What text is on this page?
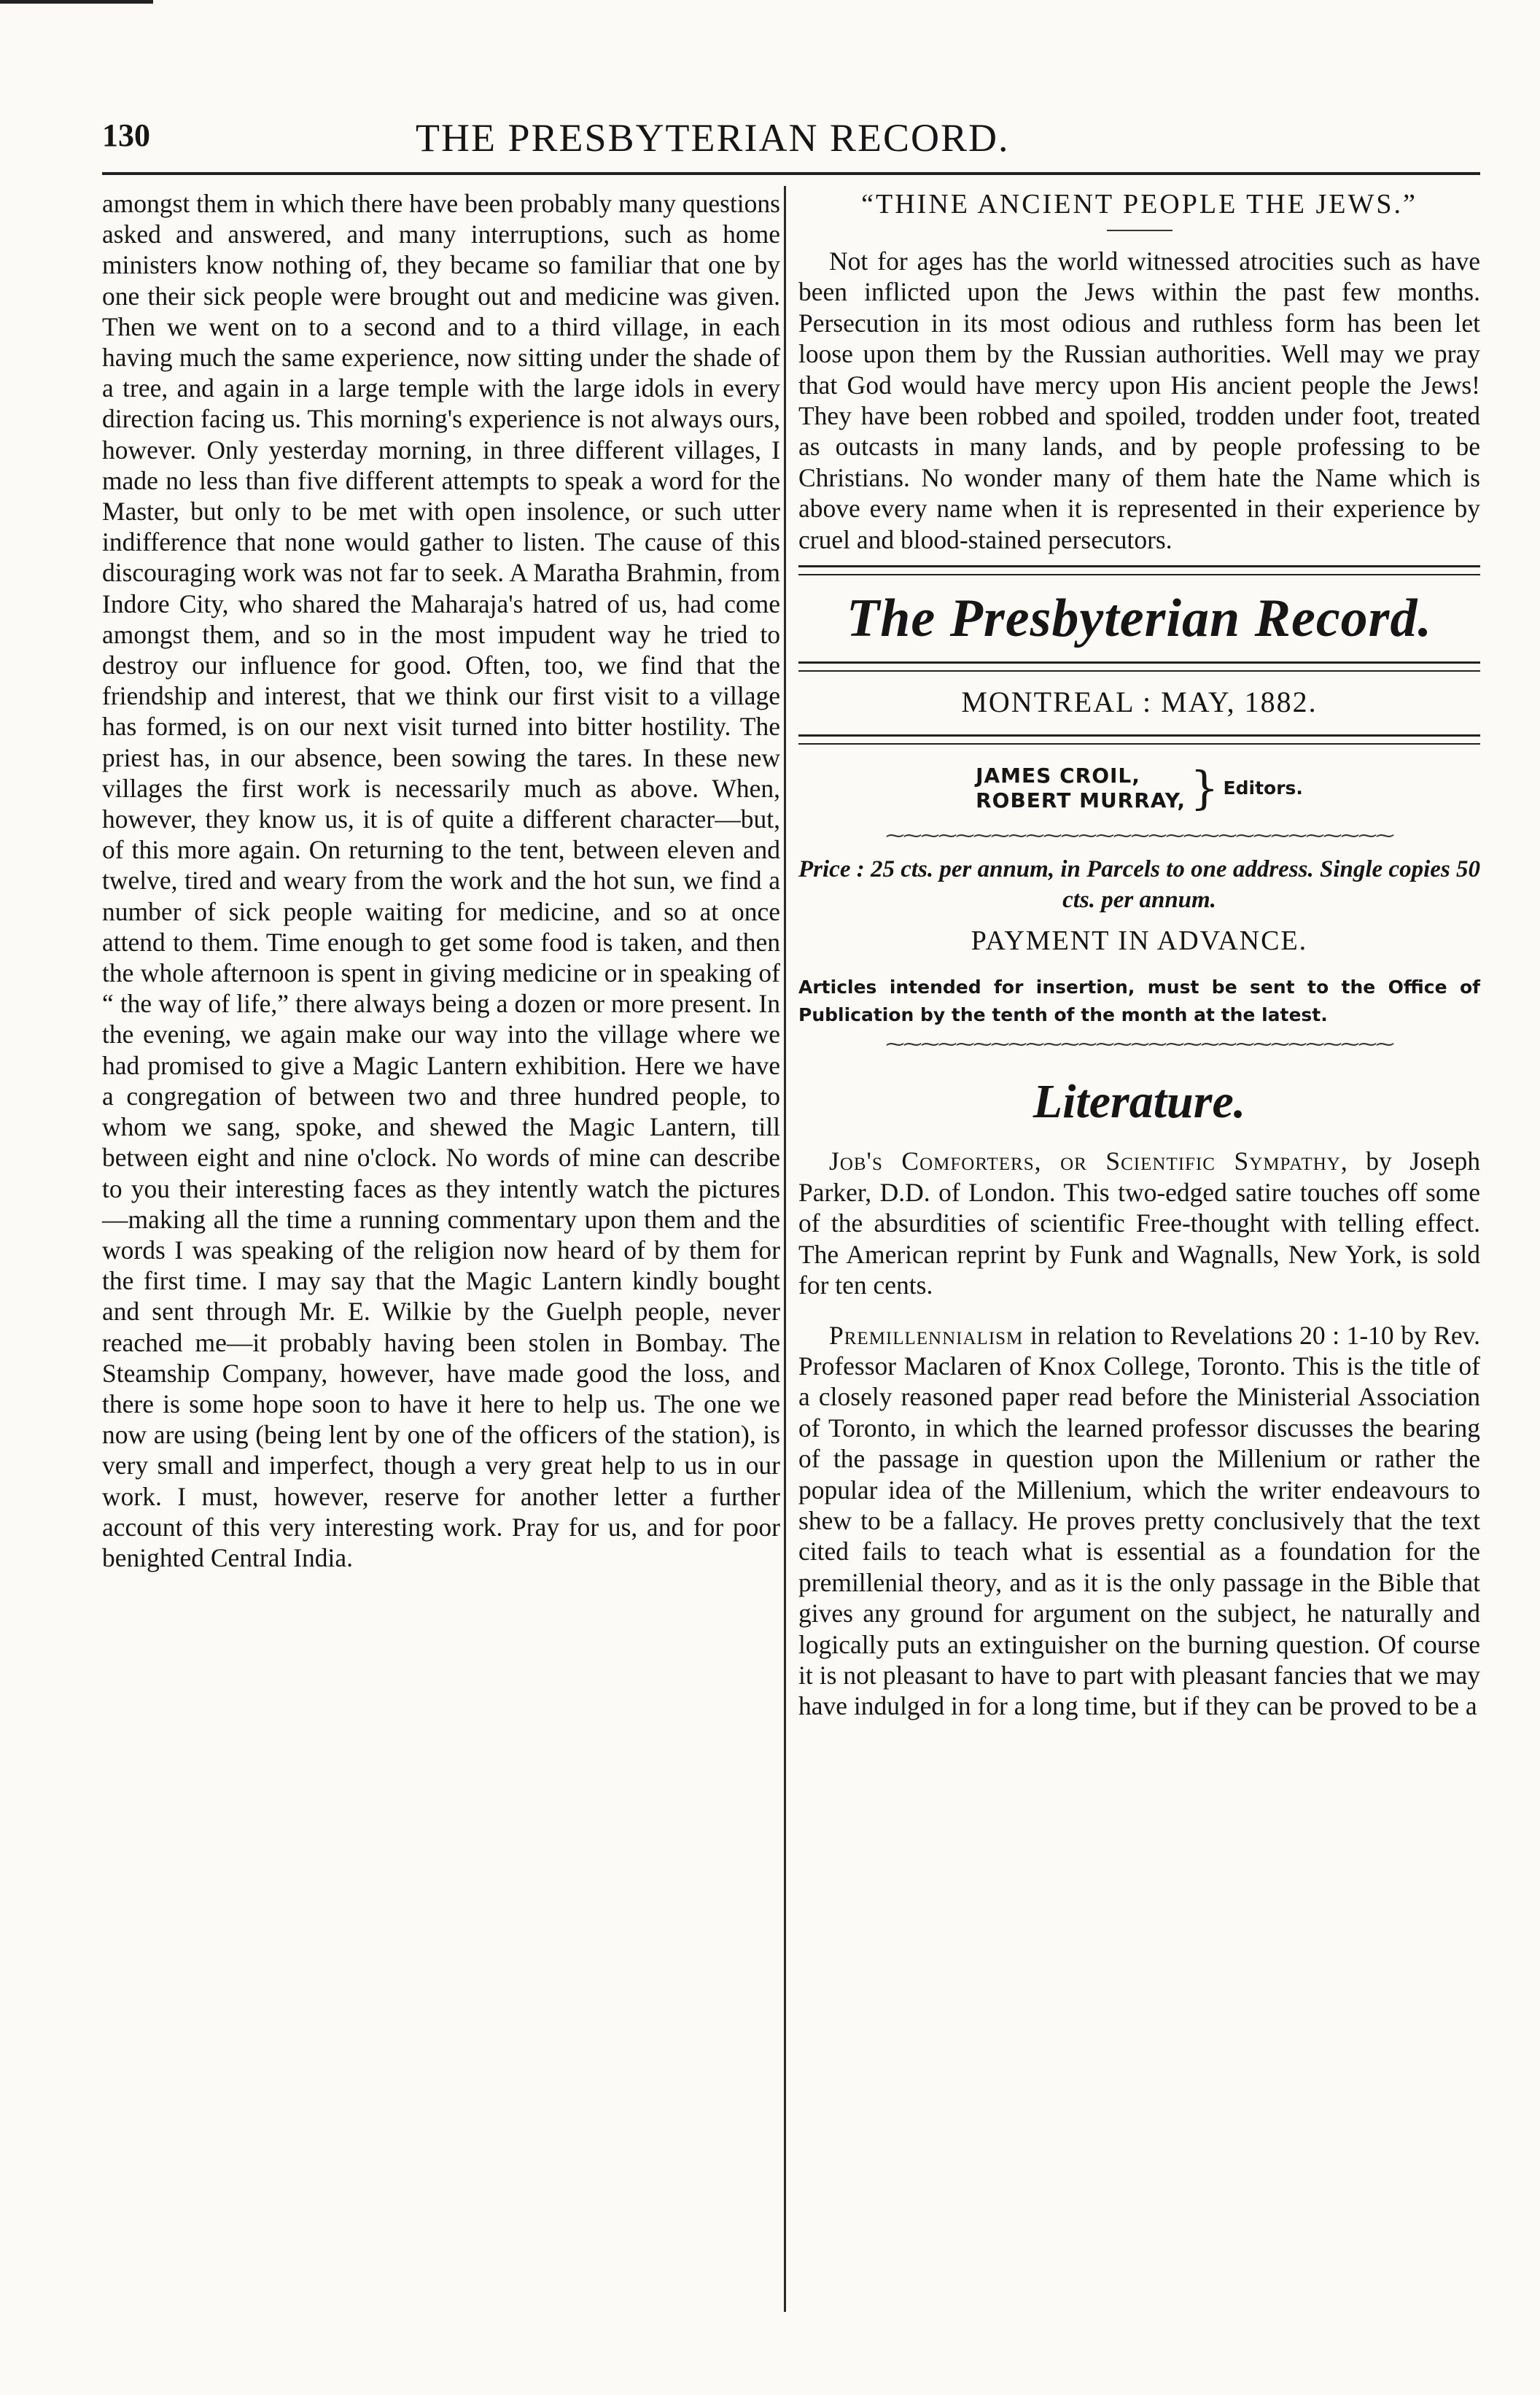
130	THE PRESBYTERIAN RECORD.

amongst them in which there have been probably many questions asked and answered, and many interruptions, such as home ministers know nothing of, they became so familiar that one by one their sick people were brought out and medicine was given. Then we went on to a second and to a third village, in each having much the same experience, now sitting under the shade of a tree, and again in a large temple with the large idols in every direction facing us. This morning's experience is not always ours, however. Only yesterday morning, in three different villages, I made no less than five different attempts to speak a word for the Master, but only to be met with open insolence, or such utter indifference that none would gather to listen. The cause of this discouraging work was not far to seek. A Maratha Brahmin, from Indore City, who shared the Maharaja's hatred of us, had come amongst them, and so in the most impudent way he tried to destroy our influence for good. Often, too, we find that the friendship and interest, that we think our first visit to a village has formed, is on our next visit turned into bitter hostility. The priest has, in our absence, been sowing the tares. In these new villages the first work is necessarily much as above. When, however, they know us, it is of quite a different character—but, of this more again. On returning to the tent, between eleven and twelve, tired and weary from the work and the hot sun, we find a number of sick people waiting for medicine, and so at once attend to them. Time enough to get some food is taken, and then the whole afternoon is spent in giving medicine or in speaking of “ the way of life,” there always being a dozen or more present. In the evening, we again make our way into the village where we had promised to give a Magic Lantern exhibition. Here we have a congregation of between two and three hundred people, to whom we sang, spoke, and shewed the Magic Lantern, till between eight and nine o'clock. No words of mine can describe to you their interesting faces as they intently watch the pictures—making all the time a running commentary upon them and the words I was speaking of the religion now heard of by them for the first time. I may say that the Magic Lantern kindly bought and sent through Mr. E. Wilkie by the Guelph people, never reached me—it probably having been stolen in Bombay. The Steamship Company, however, have made good the loss, and there is some hope soon to have it here to help us. The one we now are using (being lent by one of the officers of the station), is very small and imperfect, though a very great help to us in our work. I must, however, reserve for another letter a further account of this very interesting work. Pray for us, and for poor benighted Central India.

“THINE ANCIENT PEOPLE THE JEWS.”

Not for ages has the world witnessed atrocities such as have been inflicted upon the Jews within the past few months. Persecution in its most odious and ruthless form has been let loose upon them by the Russian authorities. Well may we pray that God would have mercy upon His ancient people the Jews! They have been robbed and spoiled, trodden under foot, treated as outcasts in many lands, and by people professing to be Christians. No wonder many of them hate the Name which is above every name when it is represented in their experience by cruel and blood-stained persecutors.

The Presbyterian Record.
MONTREAL : MAY, 1882.
JAMES CROIL,
ROBERT MURRAY, } Editors.
⁓⁓⁓⁓⁓⁓⁓⁓⁓⁓⁓⁓⁓⁓⁓⁓⁓⁓⁓⁓⁓⁓⁓⁓⁓⁓⁓⁓⁓

Price : 25 cts. per annum, in Parcels to one address. Single copies 50 cts. per annum.

PAYMENT IN ADVANCE.

Articles intended for insertion, must be sent to the Office of Publication by the tenth of the month at the latest.

⁓⁓⁓⁓⁓⁓⁓⁓⁓⁓⁓⁓⁓⁓⁓⁓⁓⁓⁓⁓⁓⁓⁓⁓⁓⁓⁓⁓⁓
Literature.

Job's Comforters, or Scientific Sympathy, by Joseph Parker, D.D. of London. This two-edged satire touches off some of the absurdities of scientific Free-thought with telling effect. The American reprint by Funk and Wagnalls, New York, is sold for ten cents.

Premillennialism in relation to Revelations 20 : 1-10 by Rev. Professor Maclaren of Knox College, Toronto. This is the title of a closely reasoned paper read before the Ministerial Association of Toronto, in which the learned professor discusses the bearing of the passage in question upon the Millenium or rather the popular idea of the Millenium, which the writer endeavours to shew to be a fallacy. He proves pretty conclusively that the text cited fails to teach what is essential as a foundation for the premillenial theory, and as it is the only passage in the Bible that gives any ground for argument on the subject, he naturally and logically puts an extinguisher on the burning question. Of course it is not pleasant to have to part with pleasant fancies that we may have indulged in for a long time, but if they can be proved to be a
